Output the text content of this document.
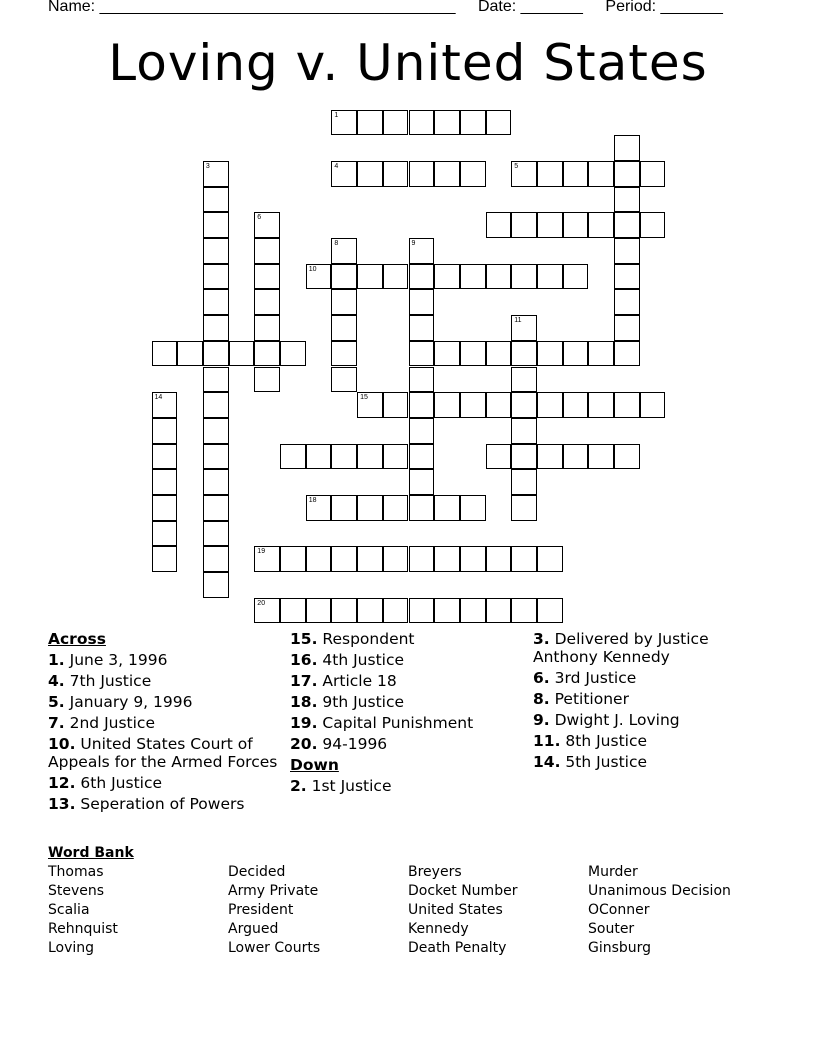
Name: ________________________________________ Date: _______ Period: _______
Loving v. United States
1
3	4	5
6
8	9
10
11
14	15
18
19
20
Across
1. June 3, 1996
4. 7th Justice
5. January 9, 1996
7. 2nd Justice
10. United States Court of Appeals for the Armed Forces
12. 6th Justice
13. Seperation of Powers
15. Respondent
16. 4th Justice
17. Article 18
18. 9th Justice
19. Capital Punishment
20. 94-1996
Down
2. 1st Justice
3. Delivered by Justice Anthony Kennedy
6. 3rd Justice
8. Petitioner
9. Dwight J. Loving
11. 8th Justice
14. 5th Justice
Word Bank
Thomas
Stevens
Scalia
Rehnquist
Loving
Decided
Army Private
President
Argued
Lower Courts
Breyers
Docket Number
United States
Kennedy
Death Penalty
Murder
Unanimous Decision
OConner
Souter
Ginsburg
